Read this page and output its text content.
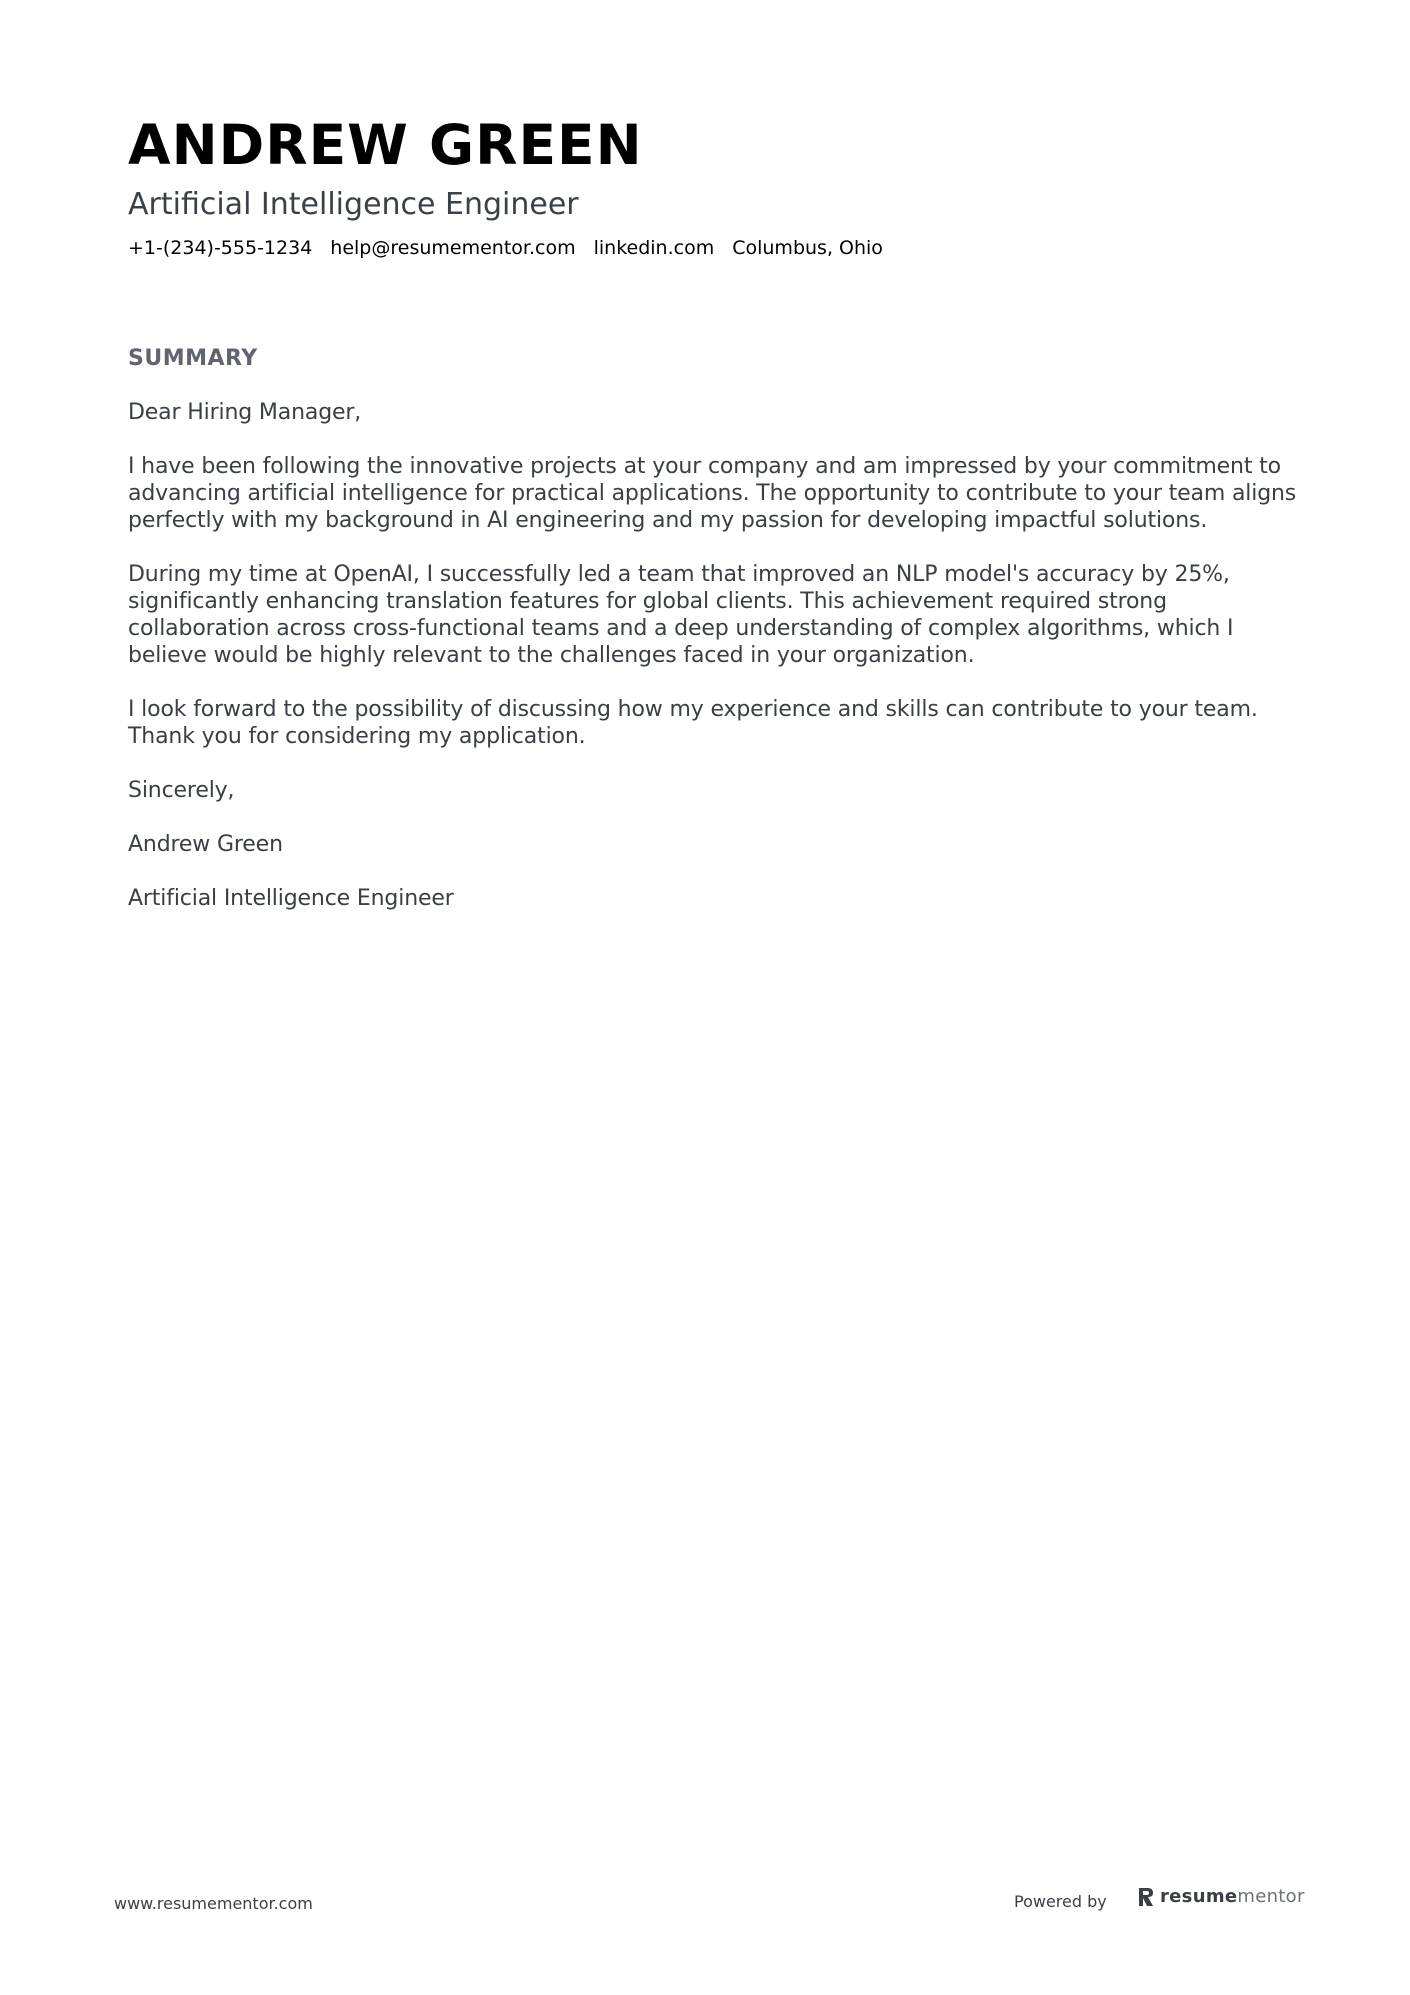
ANDREW GREEN
Artificial Intelligence Engineer
+1-(234)-555-1234 help@resumementor.com linkedin.com Columbus, Ohio
SUMMARY

Dear Hiring Manager,

I have been following the innovative projects at your company and am impressed by your commitment to advancing artificial intelligence for practical applications. The opportunity to contribute to your team aligns perfectly with my background in AI engineering and my passion for developing impactful solutions.

During my time at OpenAI, I successfully led a team that improved an NLP model's accuracy by 25%, significantly enhancing translation features for global clients. This achievement required strong collaboration across cross-functional teams and a deep understanding of complex algorithms, which I believe would be highly relevant to the challenges faced in your organization.

I look forward to the possibility of discussing how my experience and skills can contribute to your team. Thank you for considering my application.

Sincerely,

Andrew Green

Artificial Intelligence Engineer

www.resumementor.com	Powered by	resumementor
